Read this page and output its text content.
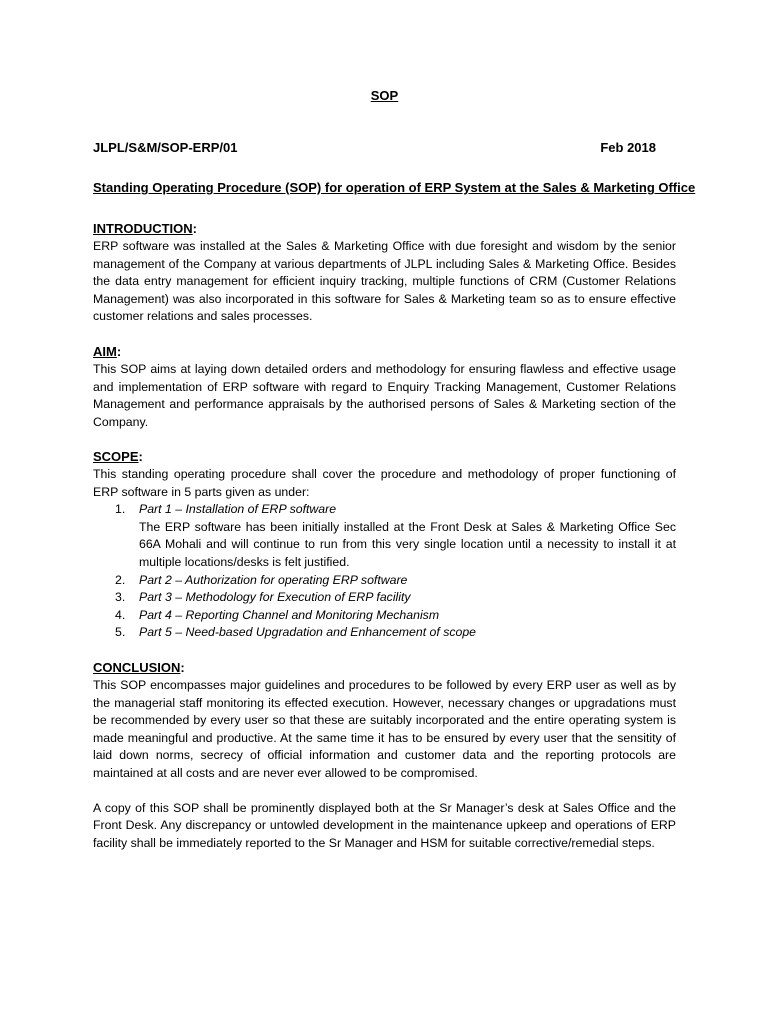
SOP
JLPL/S&M/SOP-ERP/01	Feb 2018

Standing Operating Procedure (SOP) for operation of ERP System at the Sales & Marketing Office

INTRODUCTION:

ERP software was installed at the Sales & Marketing Office with due foresight and wisdom by the senior management of the Company at various departments of JLPL including Sales & Marketing Office. Besides the data entry management for efficient inquiry tracking, multiple functions of CRM (Customer Relations Management) was also incorporated in this software for Sales & Marketing team so as to ensure effective customer relations and sales processes.

AIM:

This SOP aims at laying down detailed orders and methodology for ensuring flawless and effective usage and implementation of ERP software with regard to Enquiry Tracking Management, Customer Relations Management and performance appraisals by the authorised persons of Sales & Marketing section of the Company.

SCOPE:

This standing operating procedure shall cover the procedure and methodology of proper functioning of ERP software in 5 parts given as under:

1. Part 1 – Installation of ERP software
The ERP software has been initially installed at the Front Desk at Sales & Marketing Office Sec 66A Mohali and will continue to run from this very single location until a necessity to install it at multiple locations/desks is felt justified.
2. Part 2 – Authorization for operating ERP software
3. Part 3 – Methodology for Execution of ERP facility
4. Part 4 – Reporting Channel and Monitoring Mechanism
5. Part 5 – Need-based Upgradation and Enhancement of scope

CONCLUSION:

This SOP encompasses major guidelines and procedures to be followed by every ERP user as well as by the managerial staff monitoring its effected execution. However, necessary changes or upgradations must be recommended by every user so that these are suitably incorporated and the entire operating system is made meaningful and productive. At the same time it has to be ensured by every user that the sensitity of laid down norms, secrecy of official information and customer data and the reporting protocols are maintained at all costs and are never ever allowed to be compromised.

A copy of this SOP shall be prominently displayed both at the Sr Manager’s desk at Sales Office and the Front Desk. Any discrepancy or untowled development in the maintenance upkeep and operations of ERP facility shall be immediately reported to the Sr Manager and HSM for suitable corrective/remedial steps.
